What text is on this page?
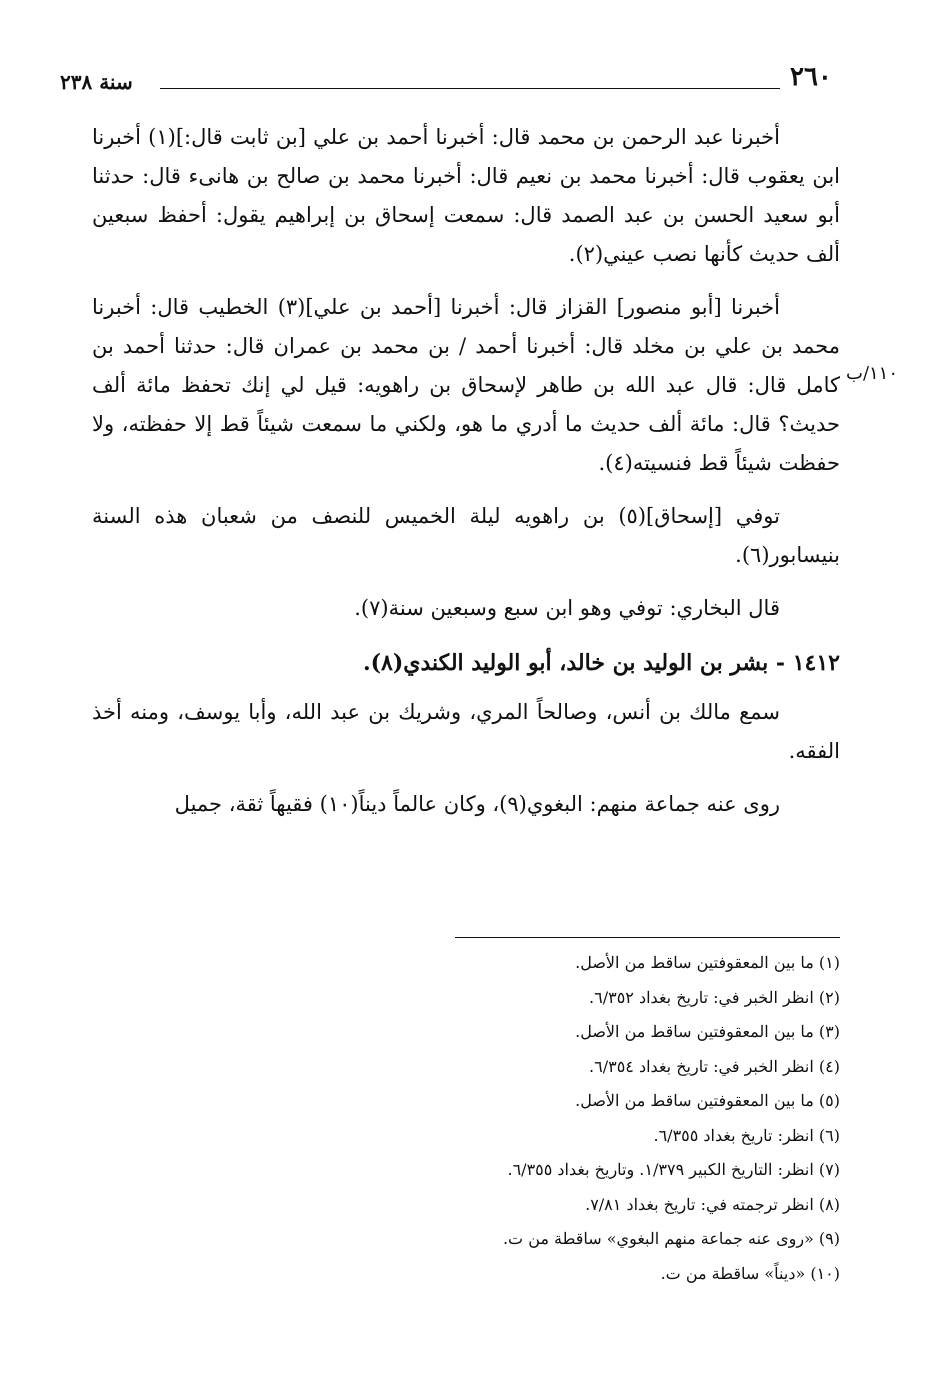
٢٦٠
سنة ٢٣٨
١١٠/ب

أخبرنا عبد الرحمن بن محمد قال: أخبرنا أحمد بن علي [بن ثابت قال:](١) أخبرنا ابن يعقوب قال: أخبرنا محمد بن نعيم قال: أخبرنا محمد بن صالح بن هانىء قال: حدثنا أبو سعيد الحسن بن عبد الصمد قال: سمعت إسحاق بن إبراهيم يقول: أحفظ سبعين ألف حديث كأنها نصب عيني(٢).

أخبرنا [أبو منصور] القزاز قال: أخبرنا [أحمد بن علي](٣) الخطيب قال: أخبرنا محمد بن علي بن مخلد قال: أخبرنا أحمد / بن محمد بن عمران قال: حدثنا أحمد بن كامل قال: قال عبد الله بن طاهر لإسحاق بن راهويه: قيل لي إنك تحفظ مائة ألف حديث؟ قال: مائة ألف حديث ما أدري ما هو، ولكني ما سمعت شيئاً قط إلا حفظته، ولا حفظت شيئاً قط فنسيته(٤).

توفي [إسحاق](٥) بن راهويه ليلة الخميس للنصف من شعبان هذه السنة بنيسابور(٦).

قال البخاري: توفي وهو ابن سبع وسبعين سنة(٧).

١٤١٢ - بشر بن الوليد بن خالد، أبو الوليد الكندي(٨).

سمع مالك بن أنس، وصالحاً المري، وشريك بن عبد الله، وأبا يوسف، ومنه أخذ الفقه.

روى عنه جماعة منهم: البغوي(٩)، وكان عالماً ديناً(١٠) فقيهاً ثقة، جميل

(١) ما بين المعقوفتين ساقط من الأصل.
(٢) انظر الخبر في: تاريخ بغداد ٦/٣٥٢.
(٣) ما بين المعقوفتين ساقط من الأصل.
(٤) انظر الخبر في: تاريخ بغداد ٦/٣٥٤.
(٥) ما بين المعقوفتين ساقط من الأصل.
(٦) انظر: تاريخ بغداد ٦/٣٥٥.
(٧) انظر: التاريخ الكبير ١/٣٧٩. وتاريخ بغداد ٦/٣٥٥.
(٨) انظر ترجمته في: تاريخ بغداد ٧/٨١.
(٩) «روى عنه جماعة منهم البغوي» ساقطة من ت.
(١٠) «ديناً» ساقطة من ت.
